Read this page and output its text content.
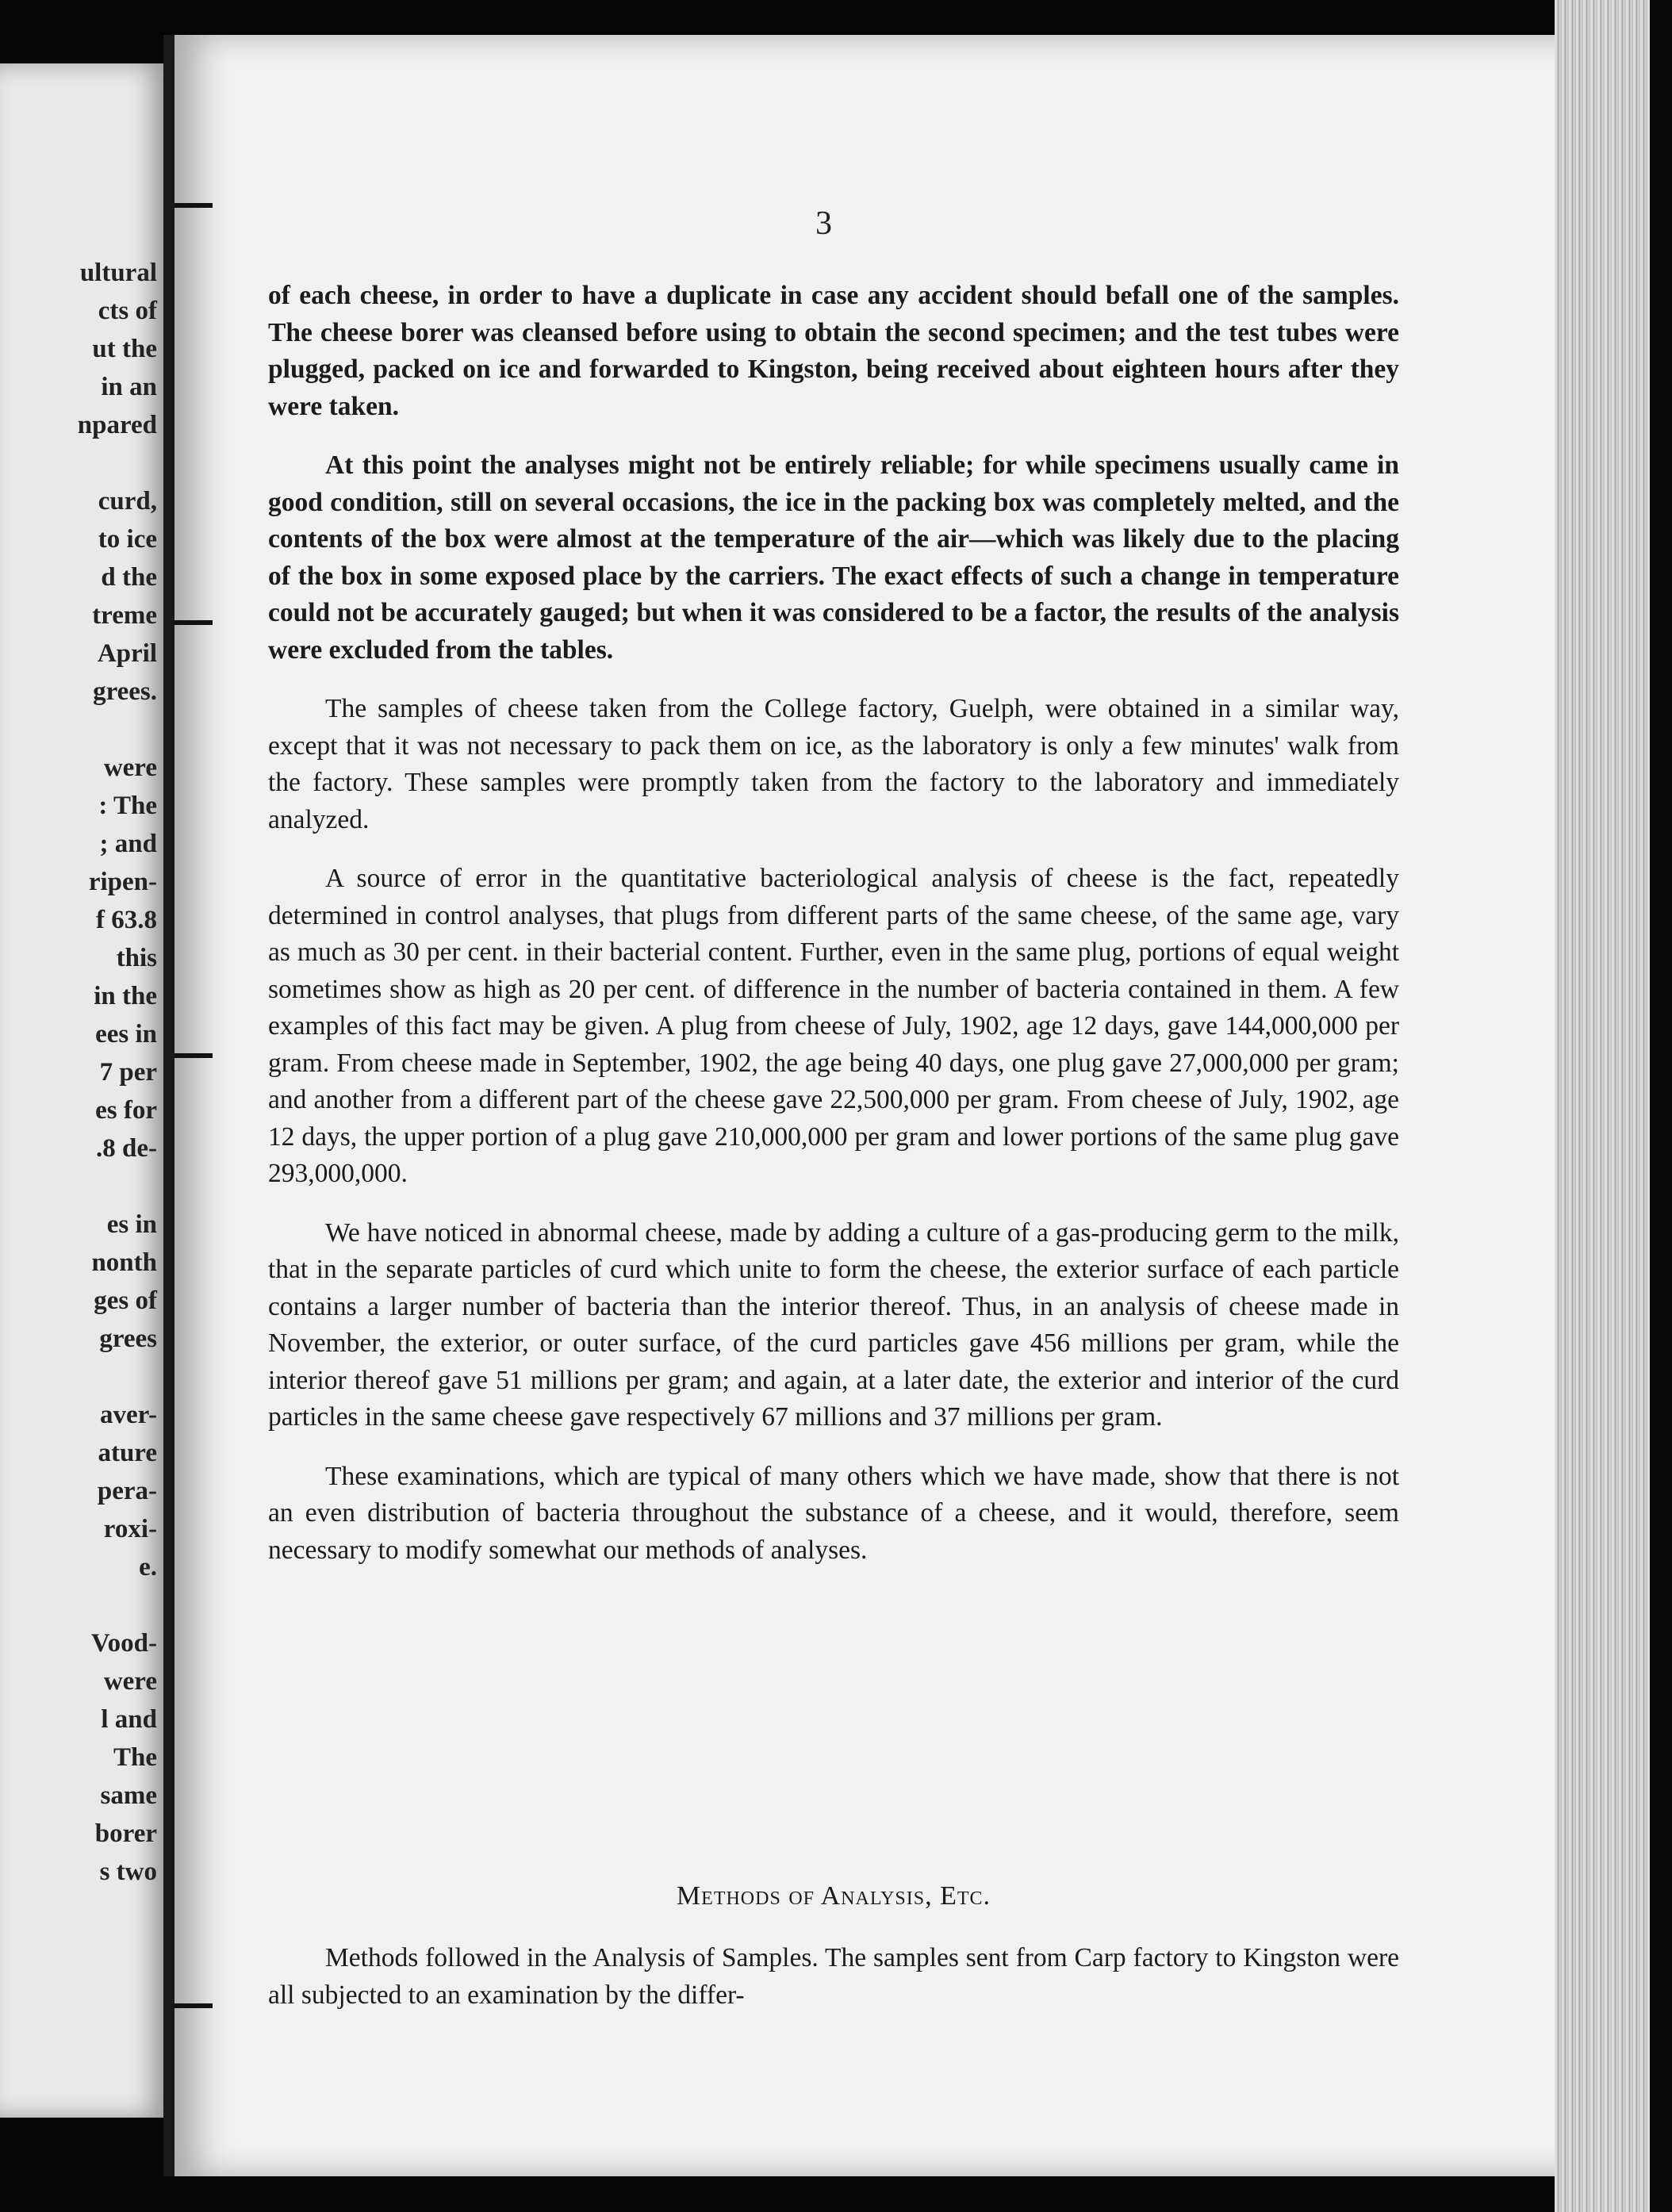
ultural
cts of
ut the
in an
npared
curd,
to ice
d the
treme
April
grees.
were
: The
; and
ripen-
f 63.8
this
in the
ees in
7 per
es for
.8 de-
es in
nonth
ges of
grees
aver-
ature
pera-
roxi-
e.
Vood-
were
l and
The
same
borer
s two
3

of each cheese, in order to have a duplicate in case any accident should befall one of the samples. The cheese borer was cleansed before using to obtain the second specimen; and the test tubes were plugged, packed on ice and forwarded to Kingston, being received about eighteen hours after they were taken.

At this point the analyses might not be entirely reliable; for while specimens usually came in good condition, still on several occasions, the ice in the packing box was completely melted, and the contents of the box were almost at the temperature of the air—which was likely due to the placing of the box in some exposed place by the carriers. The exact effects of such a change in temperature could not be accurately gauged; but when it was considered to be a factor, the results of the analysis were excluded from the tables.

The samples of cheese taken from the College factory, Guelph, were obtained in a similar way, except that it was not necessary to pack them on ice, as the laboratory is only a few minutes' walk from the factory. These samples were promptly taken from the factory to the laboratory and immediately analyzed.

A source of error in the quantitative bacteriological analysis of cheese is the fact, repeatedly determined in control analyses, that plugs from different parts of the same cheese, of the same age, vary as much as 30 per cent. in their bacterial content. Further, even in the same plug, portions of equal weight sometimes show as high as 20 per cent. of difference in the number of bacteria contained in them. A few examples of this fact may be given. A plug from cheese of July, 1902, age 12 days, gave 144,000,000 per gram. From cheese made in September, 1902, the age being 40 days, one plug gave 27,000,000 per gram; and another from a different part of the cheese gave 22,500,000 per gram. From cheese of July, 1902, age 12 days, the upper portion of a plug gave 210,000,000 per gram and lower portions of the same plug gave 293,000,000.

We have noticed in abnormal cheese, made by adding a culture of a gas-producing germ to the milk, that in the separate particles of curd which unite to form the cheese, the exterior surface of each particle contains a larger number of bacteria than the interior thereof. Thus, in an analysis of cheese made in November, the exterior, or outer surface, of the curd particles gave 456 millions per gram, while the interior thereof gave 51 millions per gram; and again, at a later date, the exterior and interior of the curd particles in the same cheese gave respectively 67 millions and 37 millions per gram.

These examinations, which are typical of many others which we have made, show that there is not an even distribution of bacteria throughout the substance of a cheese, and it would, therefore, seem necessary to modify somewhat our methods of analyses.

Methods of Analysis, Etc.

Methods followed in the Analysis of Samples. The samples sent from Carp factory to Kingston were all subjected to an examination by the differ-
